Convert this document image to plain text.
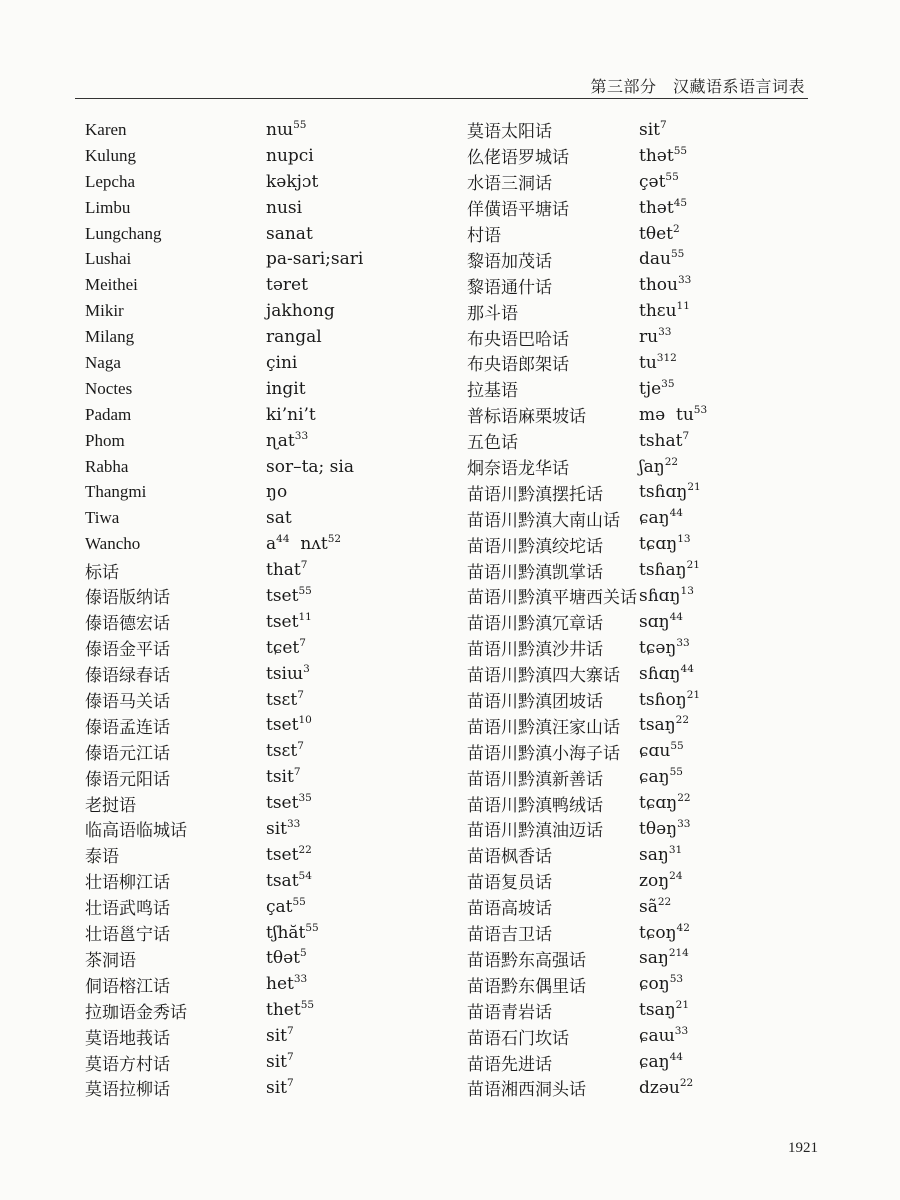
第三部分　汉藏语系语言词表
Karen	nɯ$^{55}$
Kulung	nupci
Lepcha	kəkjɔt
Limbu	nusi
Lungchang	sanat
Lushai	pa-sari;sari
Meithei	təret
Mikir	jakhong
Milang	rangal
Naga	çini
Noctes	ingit
Padam	ki’ni’t
Phom	ɳat$^{33}$
Rabha	sor–ta; sia
Thangmi	ŋo
Tiwa	sat
Wancho	$a^{44}$  nʌt$^{52}$
标话	that$^7$
傣语版纳话	tset$^{55}$
傣语德宏话	tset$^{11}$
傣语金平话	tɕet$^7$
傣语绿春话	tsiɯ$^3$
傣语马关话	tsɛt$^7$
傣语孟连话	tset$^{10}$
傣语元江话	tsɛt$^7$
傣语元阳话	tsit$^7$
老挝语	tset$^{35}$
临高语临城话	sit$^{33}$
泰语	tset$^{22}$
壮语柳江话	tsat$^{54}$
壮语武鸣话	çat$^{55}$
壮语邕宁话	tʃhăt$^{55}$
茶洞语	tθət$^5$
侗语榕江话	het$^{33}$
拉珈语金秀话	thet$^{55}$
莫语地莪话	sit$^7$
莫语方村话	sit$^7$
莫语拉柳话	sit$^7$
莫语太阳话	sit$^7$
仫佬语罗城话	thət$^{55}$
水语三洞话	çət$^{55}$
佯僙语平塘话	thət$^{45}$
村语	tθet$^2$
黎语加茂话	dau$^{55}$
黎语通什话	thou$^{33}$
那斗语	thɛu$^{11}$
布央语巴哈话	$ru^{33}$
布央语郎架话	$tu^{312}$
拉基语	tje$^{35}$
普标语麻栗坡话	mə  $tu^{53}$
五色话	tshat$^7$
炯奈语龙华话	ʃaŋ$^{22}$
苗语川黔滇摆托话	tsɦɑŋ$^{21}$
苗语川黔滇大南山话	ɕaŋ$^{44}$
苗语川黔滇绞坨话	tɕɑŋ$^{13}$
苗语川黔滇凯掌话	tsɦaŋ$^{21}$
苗语川黔滇平塘西关话 sɦɑŋ$^{13}$
苗语川黔滇冗章话	sɑŋ$^{44}$
苗语川黔滇沙井话	tɕəŋ$^{33}$
苗语川黔滇四大寨话	sɦɑŋ$^{44}$
苗语川黔滇团坡话	tsɦoŋ$^{21}$
苗语川黔滇汪家山话	tsaŋ$^{22}$
苗语川黔滇小海子话	ɕɑu$^{55}$
苗语川黔滇新善话	ɕaŋ$^{55}$
苗语川黔滇鸭绒话	tɕɑŋ$^{22}$
苗语川黔滇油迈话	tθəŋ$^{33}$
苗语枫香话	saŋ$^{31}$
苗语复员话	zoŋ$^{24}$
苗语高坡话	$sã^{22}$
苗语吉卫话	tɕoŋ$^{42}$
苗语黔东高强话	saŋ$^{214}$
苗语黔东偶里话	ɕoŋ$^{53}$
苗语青岩话	tsaŋ$^{21}$
苗语石门坎话	ɕaɯ$^{33}$
苗语先进话	ɕaŋ$^{44}$
苗语湘西洞头话	dzəu$^{22}$
1921
